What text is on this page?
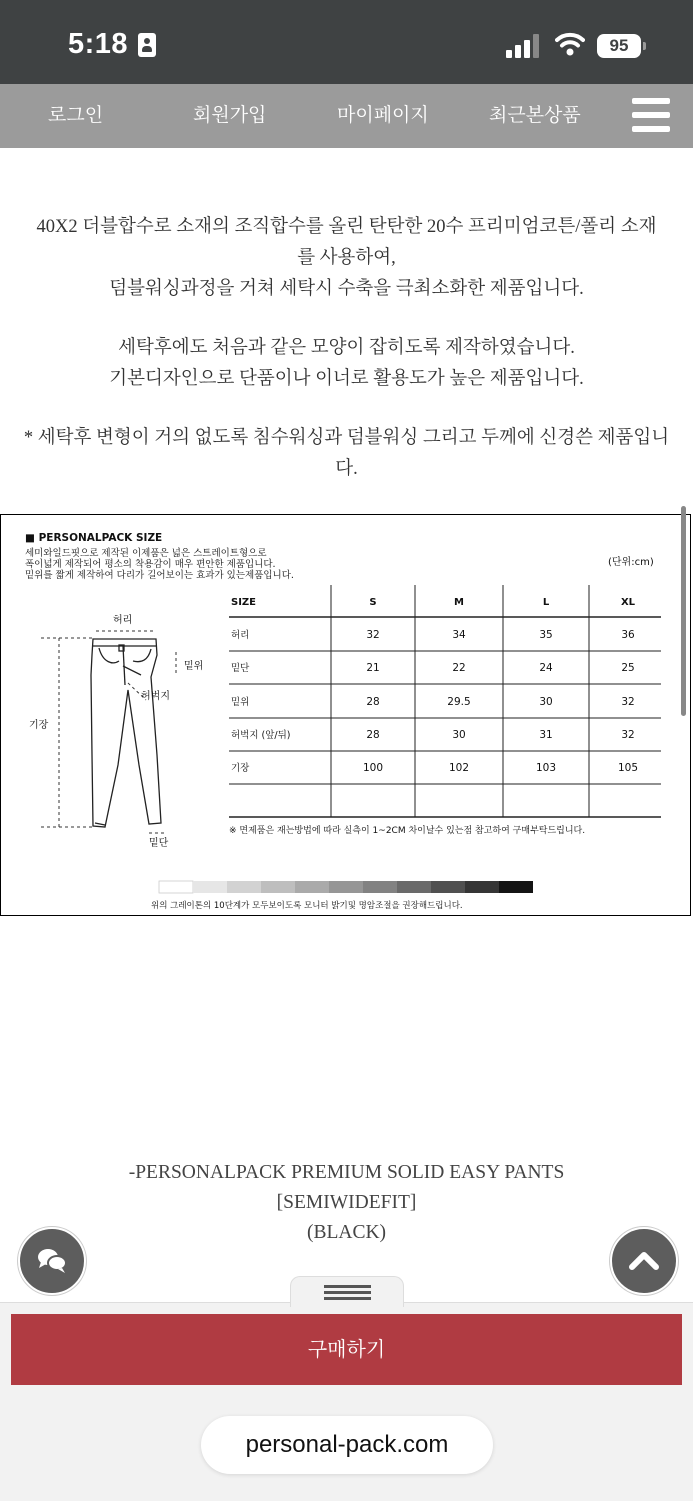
5:18	95
로그인	회원가입	마이페이지	최근본상품
40X2 더블합수로 소재의 조직합수를 올린 탄탄한 20수 프리미엄코튼/폴리 소재
를 사용하여,
덤블워싱과정을 거쳐 세탁시 수축을 극최소화한 제품입니다.
세탁후에도 처음과 같은 모양이 잡히도록 제작하였습니다.
기본디자인으로 단품이나 이너로 활용도가 높은 제품입니다.
* 세탁후 변형이 거의 없도록 침수워싱과 덤블워싱 그리고 두께에 신경쓴 제품입니
다.
■ PERSONALPACK SIZE
세미와일드핏으로 제작된 이제품은 넓은 스트레이트형으로
폭이넓게 제작되어 평소의 착용감이 매우 편안한 제품입니다.
밑위를 짧게 제작하여 다리가 길어보이는 효과가 있는제품입니다.
(단위:cm)
허리
밑위
허벅지
기장
밑단
SIZE	S	M	L	XL
허리	32	34	35	36
밑단	21	22	24	25
밑위	28	29.5	30	32
허벅지 (앞/뒤)	28	30	31	32
기장	100	102	103	105
※ 면제품은 재는방법에 따라 실측이 1~2CM 차이날수 있는점 참고하여 구매부탁드립니다.
위의 그레이톤의 10단계가 모두보이도록 모니터 밝기및 명암조절을 권장해드립니다.
-PERSONALPACK PREMIUM SOLID EASY PANTS
[SEMIWIDEFIT]
(BLACK)
구매하기
personal-pack.com
